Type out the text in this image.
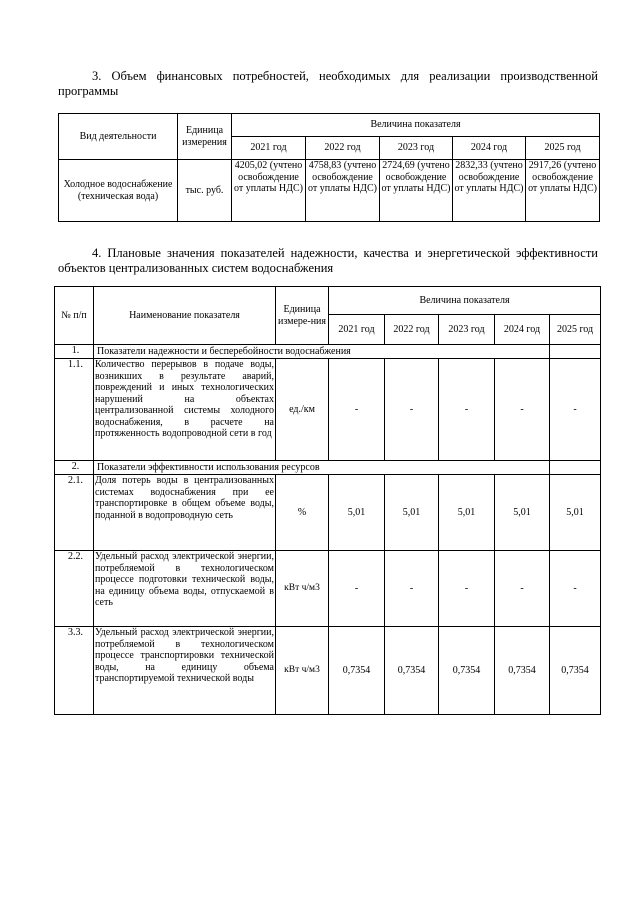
3. Объем финансовых потребностей, необходимых для реализации производственной программы

Вид деятельности	Единица измерения	Величина показателя				
		2021 год	2022 год	2023 год	2024 год	2025 год
Холодное водоснабжение (техническая вода)	тыс. руб.	4205,02 (учтено освобождение от уплаты НДС)	4758,83 (учтено освобождение от уплаты НДС)	2724,69 (учтено освобождение от уплаты НДС)	2832,33 (учтено освобождение от уплаты НДС)	2917,26 (учтено освобождение от уплаты НДС)

4. Плановые значения показателей надежности, качества и энергетической эффективности объектов централизованных систем водоснабжения

№ п/п	Наименование показателя	Единица измере-ния	Величина показателя				
			2021 год	2022 год	2023 год	2024 год	2025 год
1.	Показатели надежности и бесперебойности водоснабжения						
1.1.	Количество перерывов в подаче воды, возникших в результате аварий, повреждений и иных технологических нарушений на объектах централизованной системы холодного водоснабжения, в расчете на протяженность водопроводной сети в год	ед./км	-	-	-	-	-
2.	Показатели эффективности использования ресурсов						
2.1.	Доля потерь воды в централизованных системах водоснабжения при ее транспортировке в общем объеме воды, поданной в водопроводную сеть	%	5,01	5,01	5,01	5,01	5,01
2.2.	Удельный расход электрической энергии, потребляемой в технологическом процессе подготовки технической воды, на единицу объема воды, отпускаемой в сеть	кВт ч/м3	-	-	-	-	-
3.3.	Удельный расход электрической энергии, потребляемой в технологическом процессе транспортировки технической воды, на единицу объема транспортируемой технической воды	кВт ч/м3	0,7354	0,7354	0,7354	0,7354	0,7354
